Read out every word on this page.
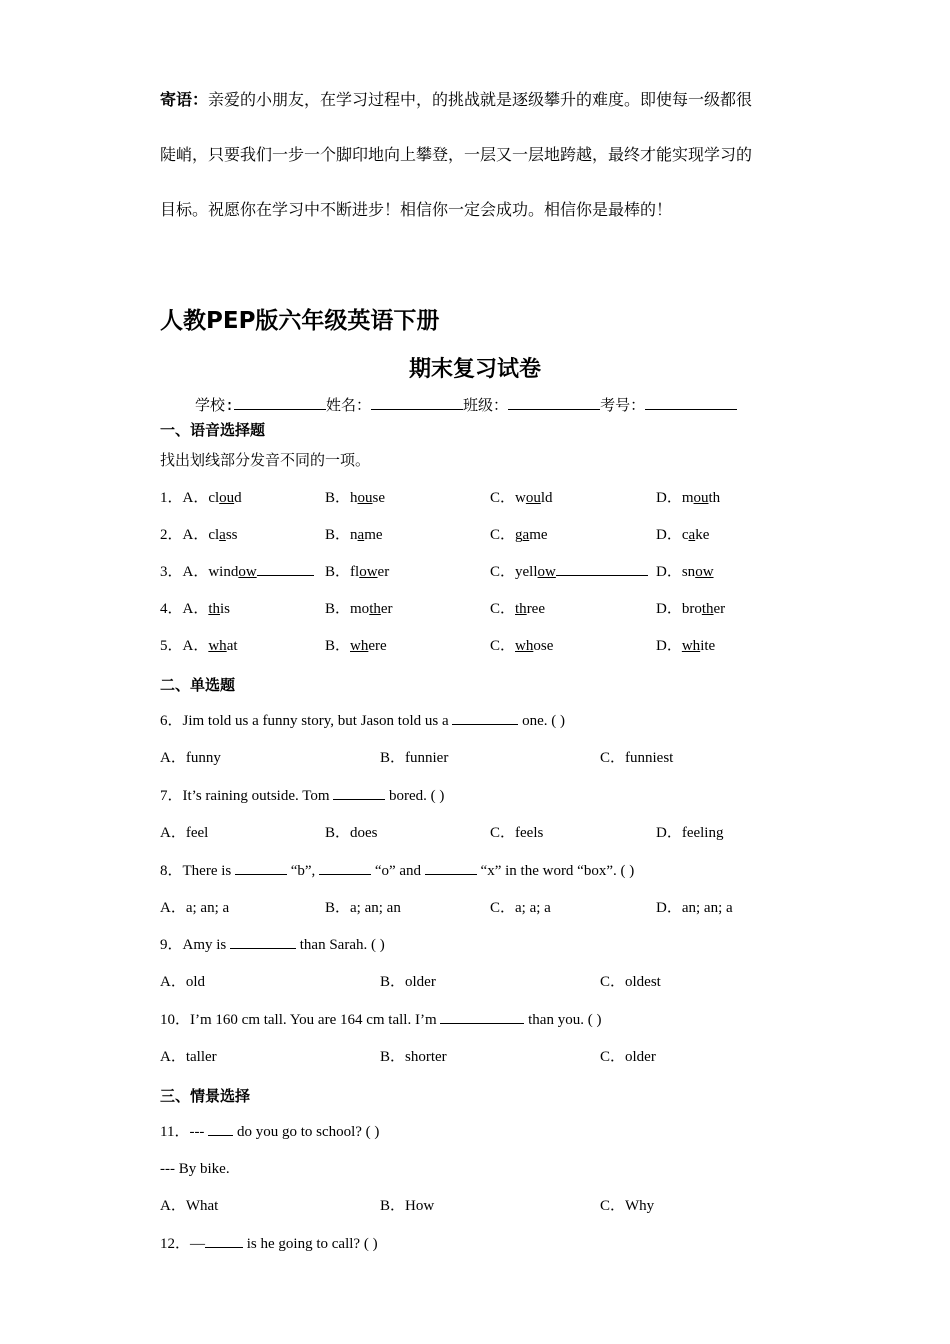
寄语：亲爱的小朋友，在学习过程中，的挑战就是逐级攀升的难度。即使每一级都很
陡峭，只要我们一步一个脚印地向上攀登，一层又一层地跨越，最终才能实现学习的
目标。祝愿你在学习中不断进步！相信你一定会成功。相信你是最棒的！
人教PEP版六年级英语下册
期末复习试卷
学校:	姓名：	班级：	考号：
一、语音选择题
找出划线部分发音不同的一项。
1．A．cloud	B．house	C．would	D．mouth
2．A．class	B．name	C．game	D．cake
3．A．window	B．flower	C．yellow	D．snow
4．A．this	B．mother	C．three	D．brother
5．A．what	B．where	C．whose	D．white
二、单选题
6．Jim told us a funny story, but Jason told us a	one. ( )
A．funny	B．funnier	C．funniest
7．It’s raining outside. Tom	bored. ( )
A．feel	B．does	C．feels	D．feeling
8．There is	“b”,	“o” and	“x” in the word “box”. ( )
A．a; an; a	B．a; an; an	C．a; a; a	D．an; an; a
9．Amy is	than Sarah. ( )
A．old	B．older	C．oldest
10．I’m 160 cm tall. You are 164 cm tall. I’m	than you. ( )
A．taller	B．shorter	C．older
三、情景选择
11．---  do you go to school? ( )
--- By bike.
A．What	B．How	C．Why
12．—	is he going to call? ( )
